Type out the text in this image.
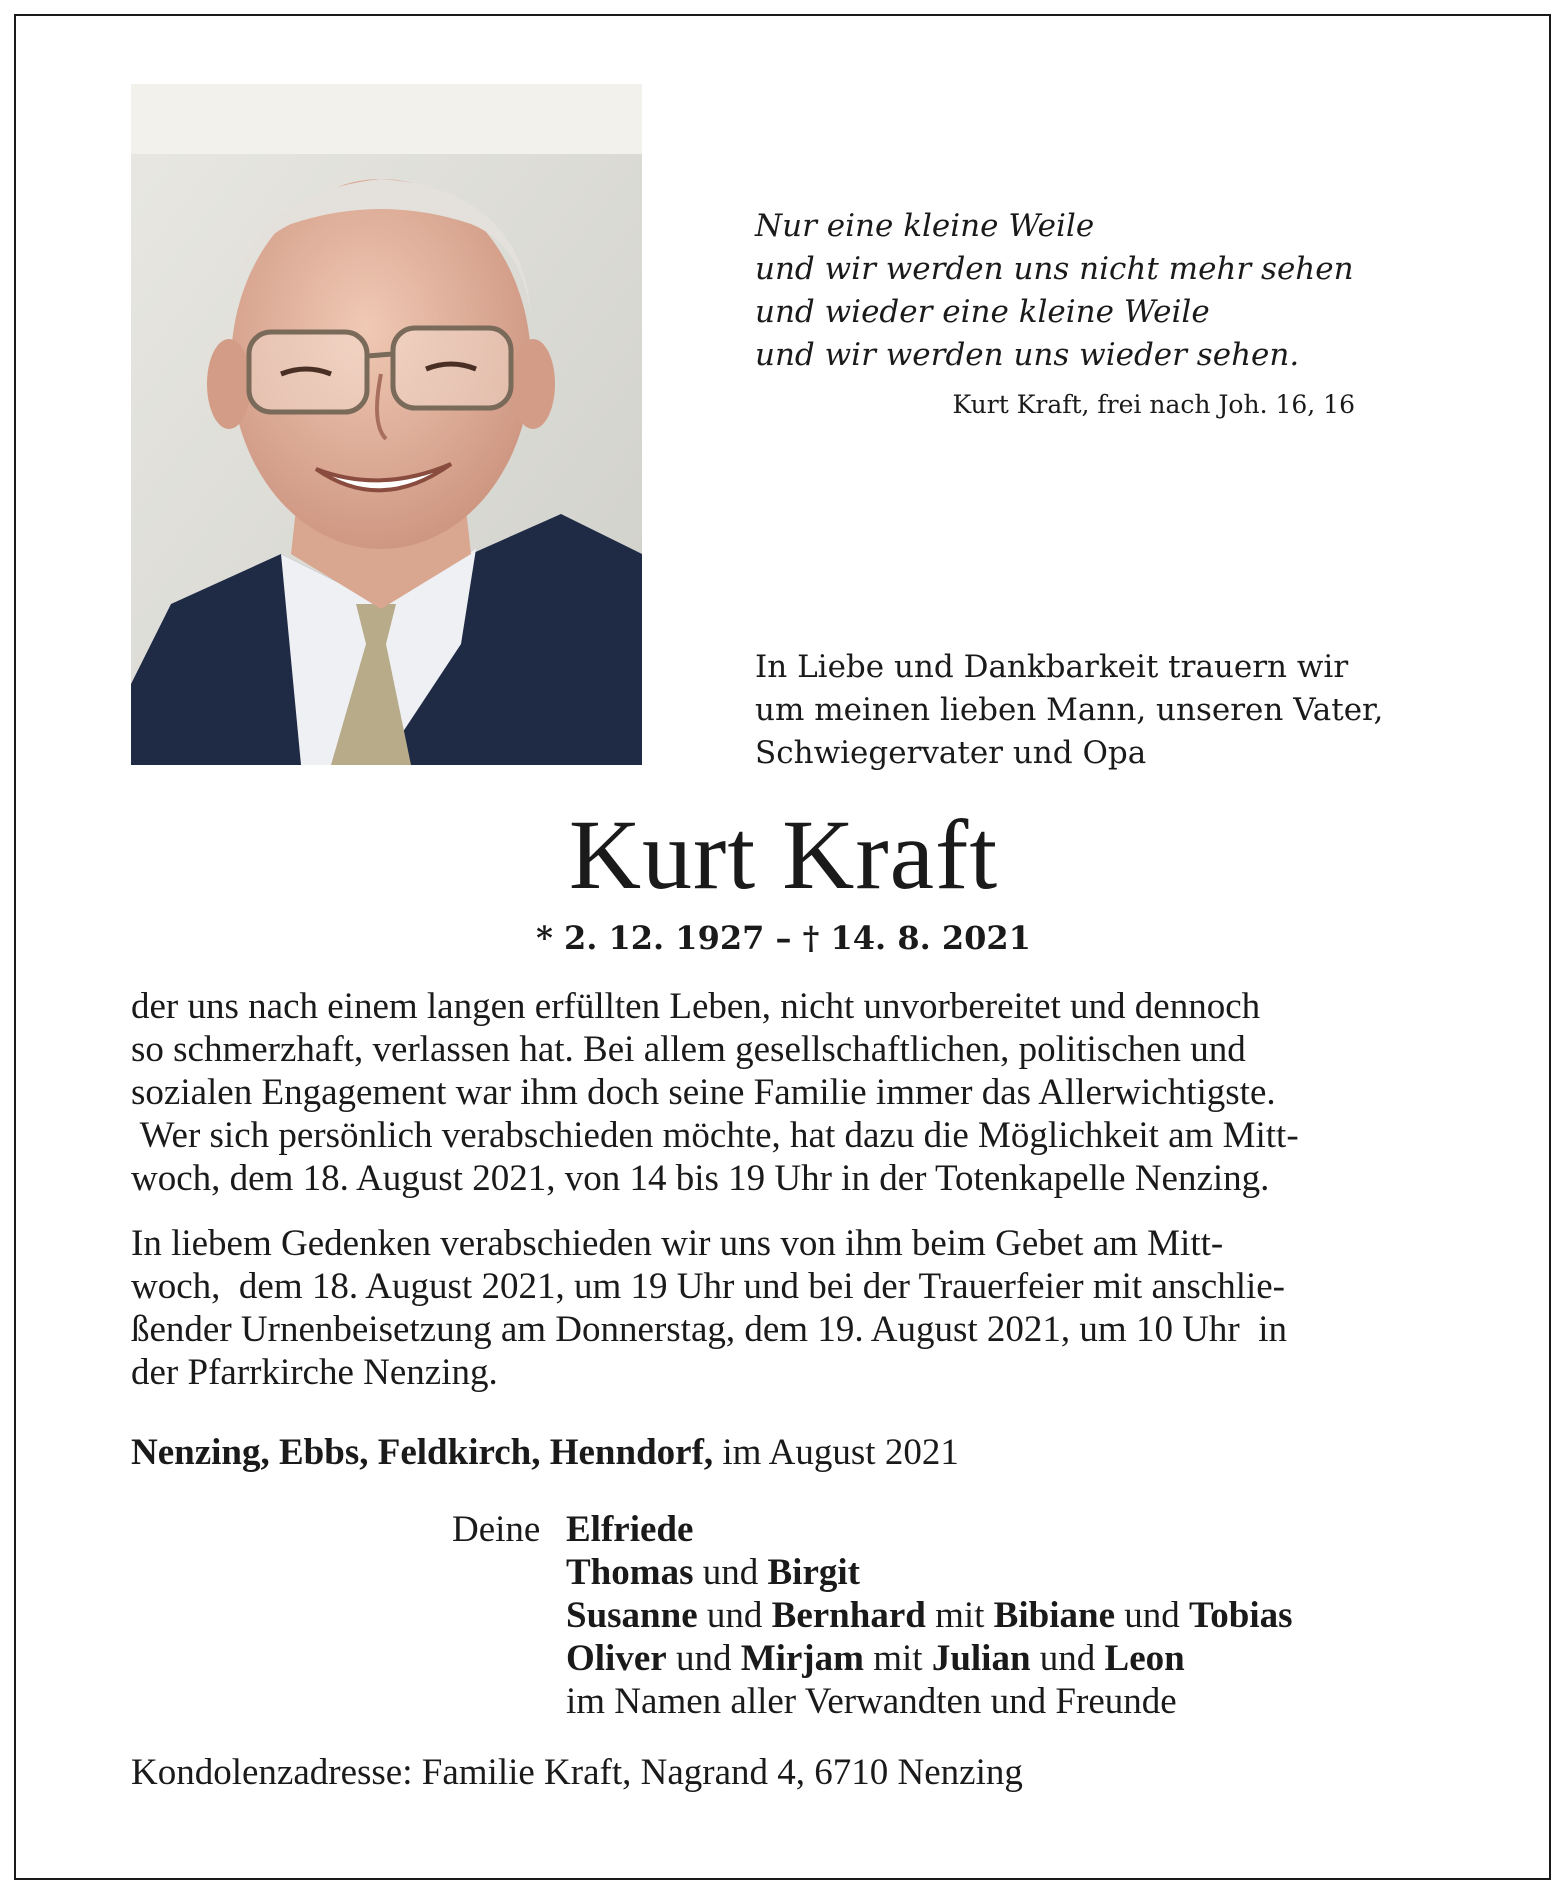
Nur eine kleine Weile
und wir werden uns nicht mehr sehen
und wieder eine kleine Weile
und wir werden uns wieder sehen.
Kurt Kraft, frei nach Joh. 16, 16
In Liebe und Dankbarkeit trauern wir
um meinen lieben Mann, unseren Vater,
Schwiegervater und Opa
Kurt Kraft
* 2. 12. 1927 – † 14. 8. 2021
der uns nach einem langen erfüllten Leben, nicht unvorbereitet und dennoch
so schmerzhaft, verlassen hat. Bei allem gesellschaftlichen, politischen und
sozialen Engagement war ihm doch seine Familie immer das Allerwichtigste.
Wer sich persönlich verabschieden möchte, hat dazu die Möglichkeit am Mitt-
woch, dem 18. August 2021, von 14 bis 19 Uhr in der Totenkapelle Nenzing.
In liebem Gedenken verabschieden wir uns von ihm beim Gebet am Mitt-
woch,  dem 18. August 2021, um 19 Uhr und bei der Trauerfeier mit anschlie-
ßender Urnenbeisetzung am Donnerstag, dem 19. August 2021, um 10 Uhr  in
der Pfarrkirche Nenzing.
Nenzing, Ebbs, Feldkirch, Henndorf, im August 2021
Deine Elfriede
Thomas und Birgit
Susanne und Bernhard mit Bibiane und Tobias
Oliver und Mirjam mit Julian und Leon
im Namen aller Verwandten und Freunde
Kondolenzadresse: Familie Kraft, Nagrand 4, 6710 Nenzing
